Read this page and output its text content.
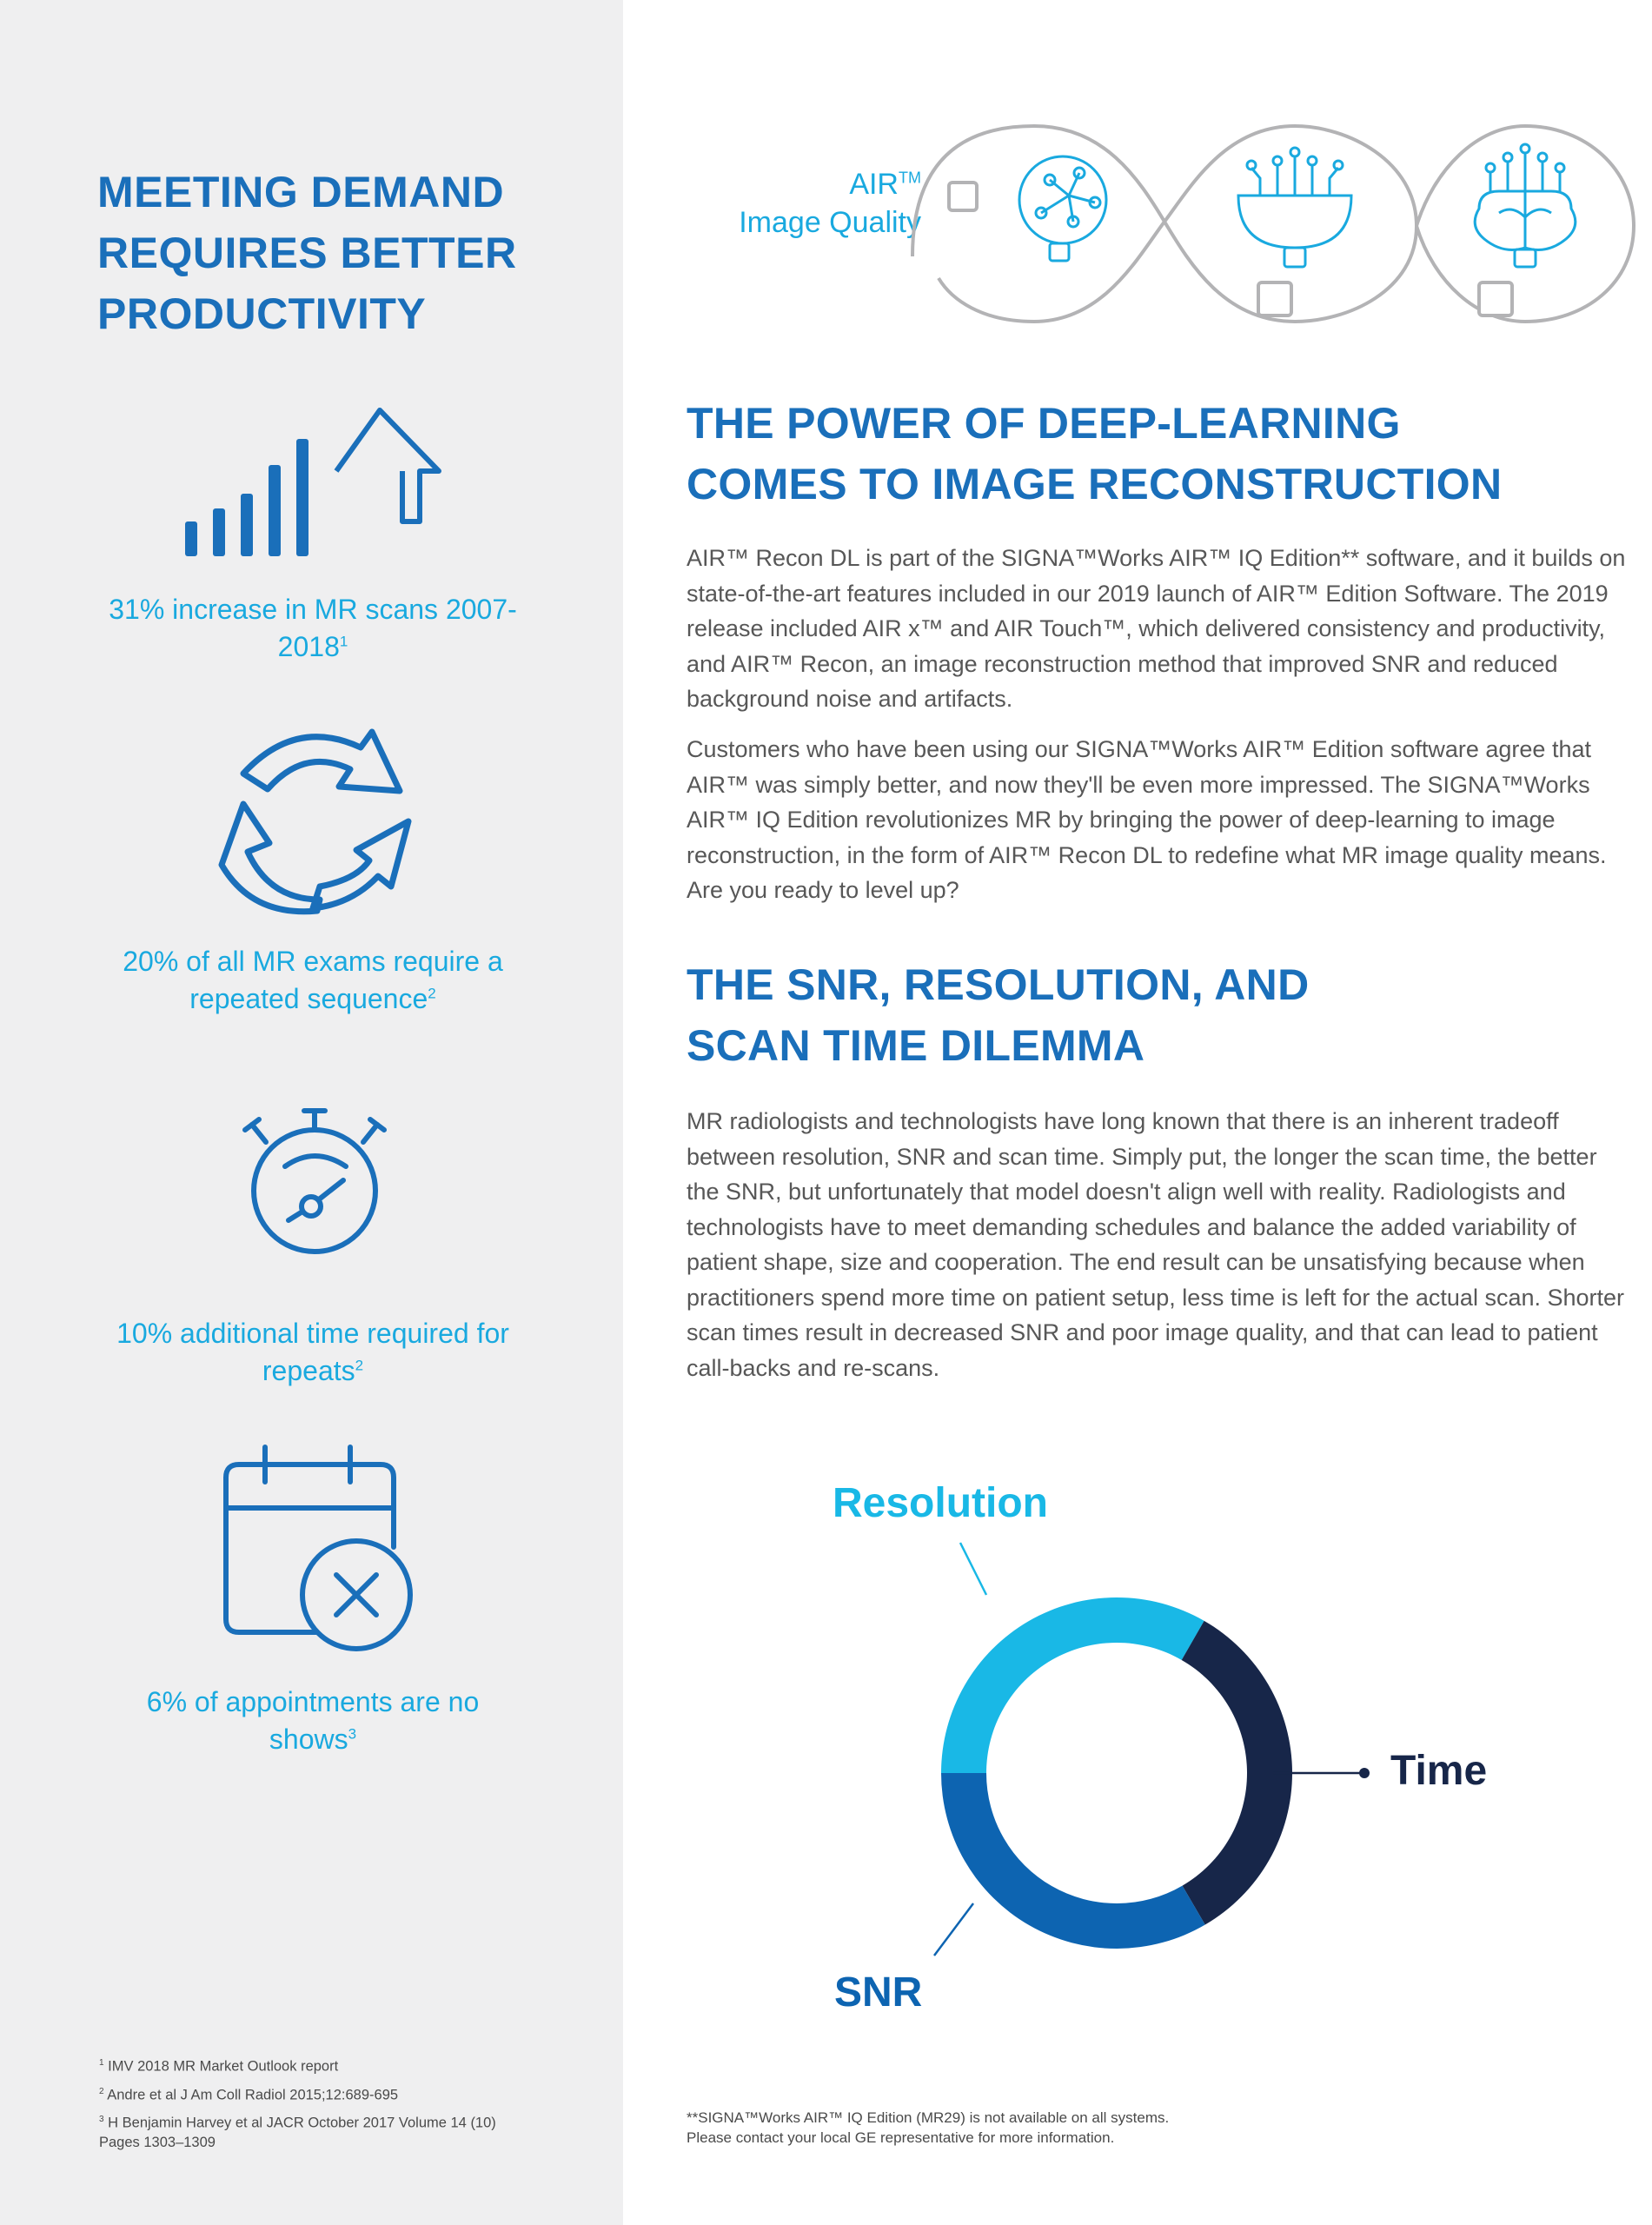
MEETING DEMAND REQUIRES BETTER PRODUCTIVITY
31% increase in MR scans 2007-2018$^1$
20% of all MR exams require a repeated sequence$^2$
10% additional time required for repeats$^2$
6% of appointments are no shows$^3$

$^1$ IMV 2018 MR Market Outlook report

$^2$ Andre et al J Am Coll Radiol 2015;12:689-695

$^3$ H Benjamin Harvey et al JACR October 2017 Volume 14 (10) Pages 1303–1309

AIR™
Image Quality
THE POWER OF DEEP-LEARNING
COMES TO IMAGE RECONSTRUCTION

AIR™ Recon DL is part of the SIGNA™Works AIR™ IQ Edition** software, and it builds on state-of-the-art features included in our 2019 launch of AIR™ Edition Software. The 2019 release included AIR x™ and AIR Touch™, which delivered consistency and productivity, and AIR™ Recon, an image reconstruction method that improved SNR and reduced background noise and artifacts.

Customers who have been using our SIGNA™Works AIR™ Edition software agree that AIR™ was simply better, and now they'll be even more impressed. The SIGNA™Works AIR™ IQ Edition revolutionizes MR by bringing the power of deep-learning to image reconstruction, in the form of AIR™ Recon DL to redefine what MR image quality means. Are you ready to level up?

THE SNR, RESOLUTION, AND
SCAN TIME DILEMMA

MR radiologists and technologists have long known that there is an inherent tradeoff between resolution, SNR and scan time. Simply put, the longer the scan time, the better the SNR, but unfortunately that model doesn't align well with reality. Radiologists and technologists have to meet demanding schedules and balance the added variability of patient shape, size and cooperation. The end result can be unsatisfying because when practitioners spend more time on patient setup, less time is left for the actual scan. Shorter scan times result in decreased SNR and poor image quality, and that can lead to patient call-backs and re-scans.

Resolution
Time
SNR
**SIGNA™Works AIR™ IQ Edition (MR29) is not available on all systems.
Please contact your local GE representative for more information.
